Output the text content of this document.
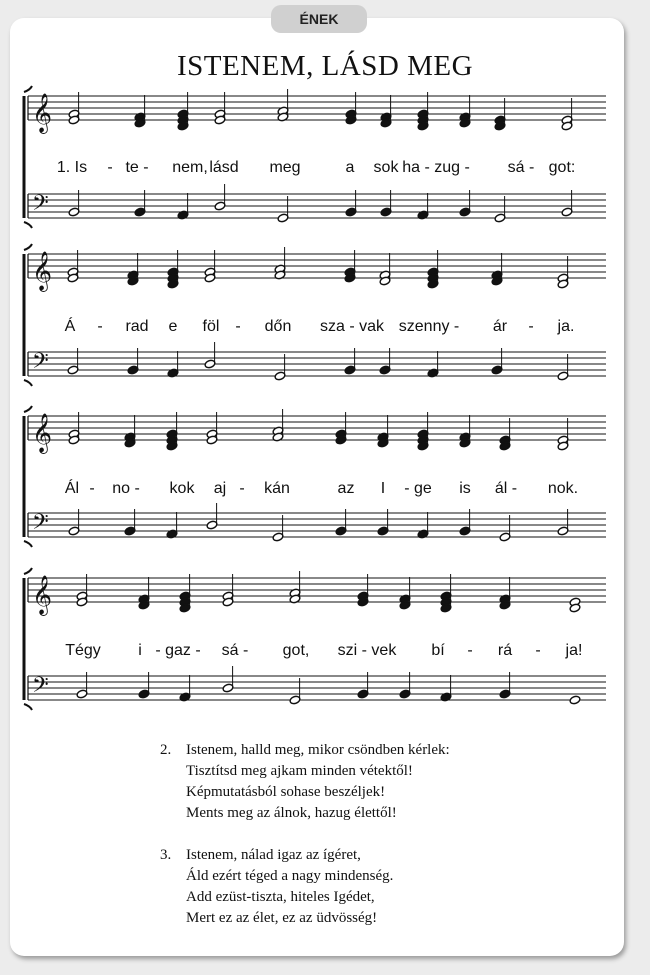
ÉNEK
ISTENEM, LÁSD MEG
𝄞
𝄢
1. Is - te - nem, lásd meg	a sok ha - zug - sá - got:
𝄞
𝄢
Á - rad e föl - dőn sza - vak szenny - ár - ja.
𝄞
𝄢
Ál - no - kok aj - kán	az I - ge is ál - nok.
𝄞
𝄢
Tégy i - gaz - sá - got, szi - vek bí - rá - ja!
2. Istenem, halld meg, mikor csöndben kérlek:
Tisztítsd meg ajkam minden vétektől!
Képmutatásból sohase beszéljek!
Ments meg az álnok, hazug élettől!
3. Istenem, nálad igaz az ígéret,
Áld ezért téged a nagy mindenség.
Add ezüst-tiszta, hiteles Igédet,
Mert ez az élet, ez az üdvösség!
